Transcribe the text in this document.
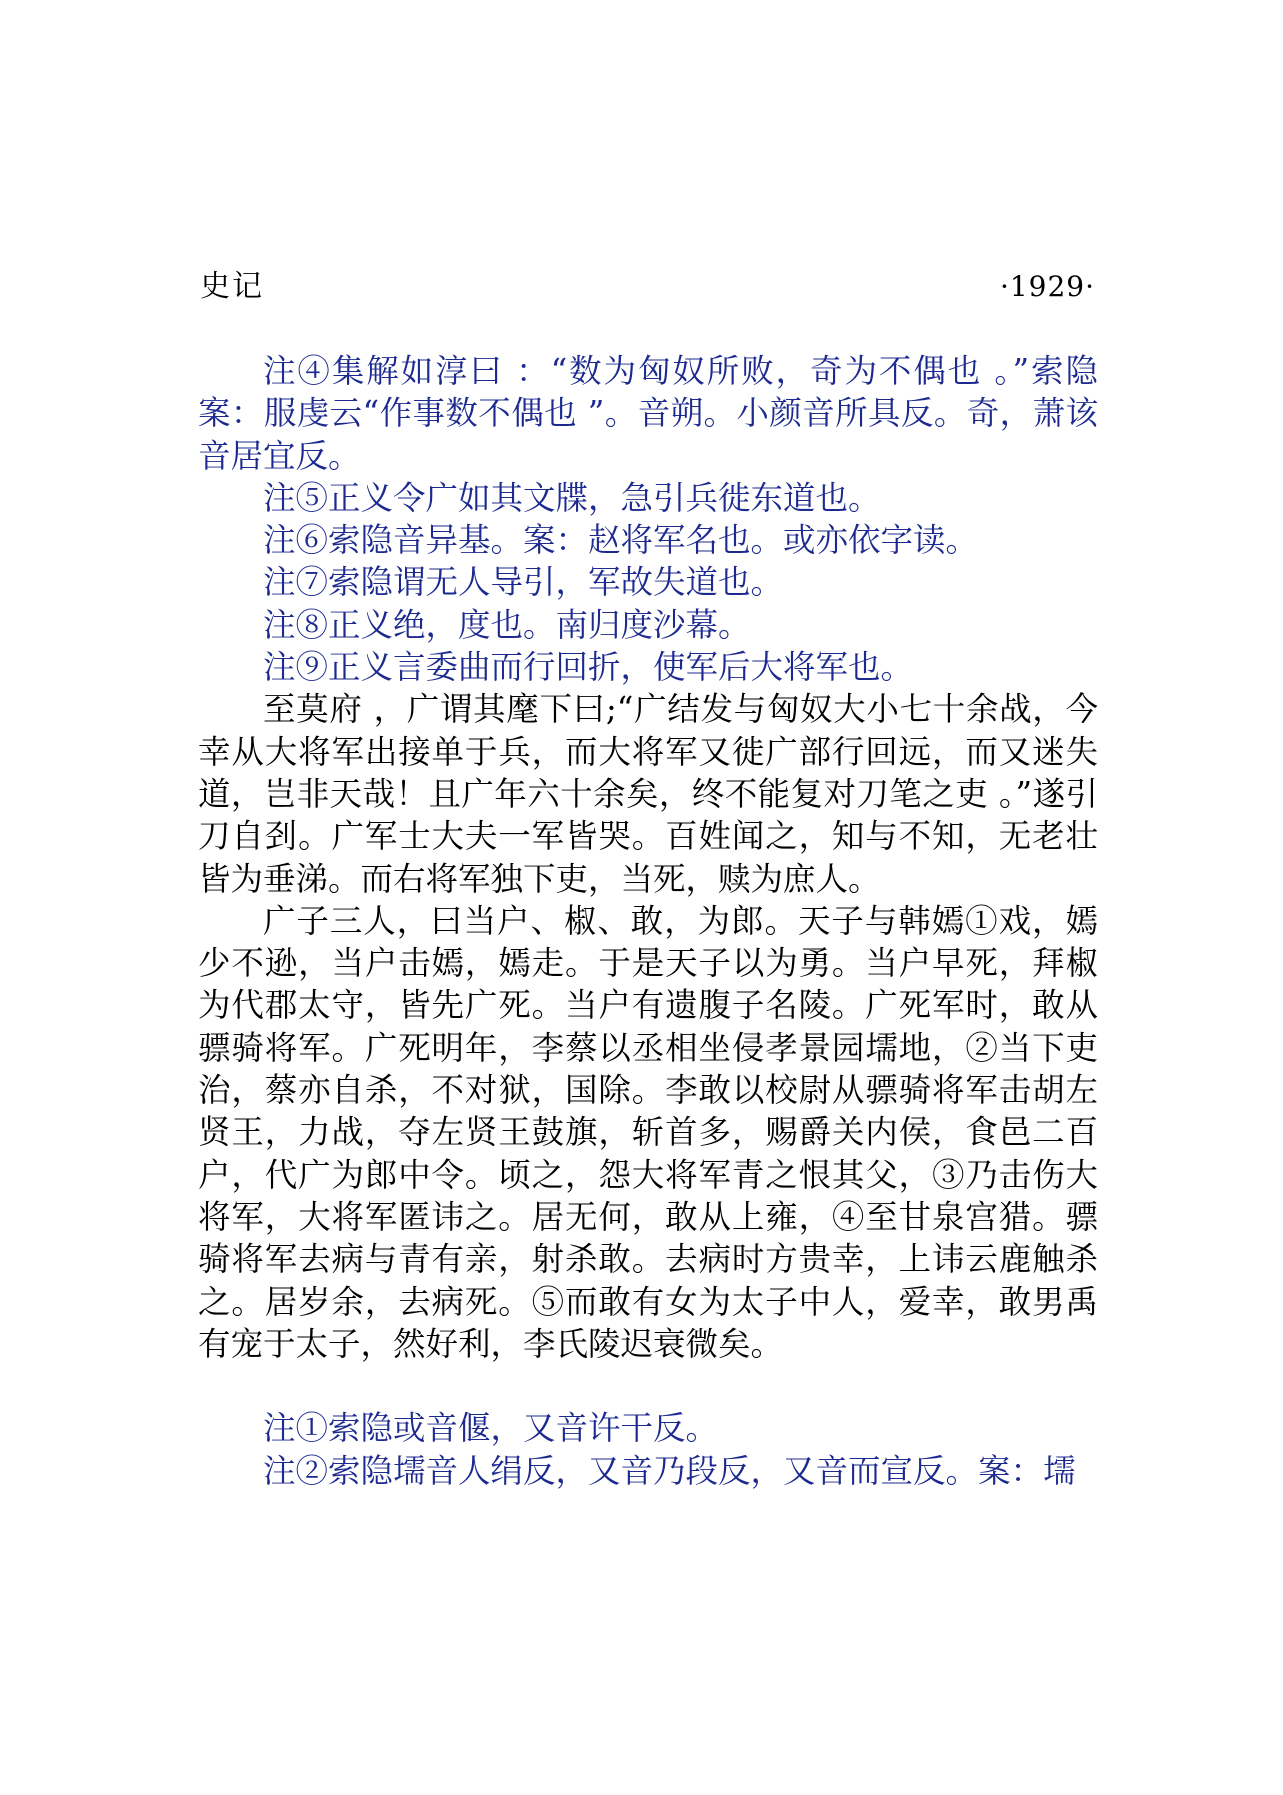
史记	·1929·

注④集解如淳曰 ：“数为匈奴所败，奇为不偶也 。”索隐案：服虔云“作事数不偶也 ”。音朔。小颜音所具反。奇，萧该音居宜反。

注⑤正义令广如其文牒，急引兵徙东道也。

注⑥索隐音异基。案：赵将军名也。或亦依字读。

注⑦索隐谓无人导引，军故失道也。

注⑧正义绝，度也。南归度沙幕。

注⑨正义言委曲而行回折，使军后大将军也。

至莫府 ，广谓其麾下曰;“广结发与匈奴大小七十余战，今幸从大将军出接单于兵，而大将军又徙广部行回远，而又迷失道，岂非天哉！且广年六十余矣，终不能复对刀笔之吏 。”遂引刀自刭。广军士大夫一军皆哭。百姓闻之，知与不知，无老壮皆为垂涕。而右将军独下吏，当死，赎为庶人。

广子三人，曰当户、椒、敢，为郎。天子与韩嫣①戏，嫣少不逊，当户击嫣，嫣走。于是天子以为勇。当户早死，拜椒为代郡太守，皆先广死。当户有遗腹子名陵。广死军时，敢从骠骑将军。广死明年，李蔡以丞相坐侵孝景园壖地，②当下吏治，蔡亦自杀，不对狱，国除。李敢以校尉从骠骑将军击胡左贤王，力战，夺左贤王鼓旗，斩首多，赐爵关内侯，食邑二百户，代广为郎中令。顷之，怨大将军青之恨其父，③乃击伤大将军，大将军匿讳之。居无何，敢从上雍，④至甘泉宫猎。骠骑将军去病与青有亲，射杀敢。去病时方贵幸，上讳云鹿触杀之。居岁余，去病死。⑤而敢有女为太子中人，爱幸，敢男禹有宠于太子，然好利，李氏陵迟衰微矣。

注①索隐或音偃，又音许干反。

注②索隐壖音人绢反，又音乃段反，又音而宣反。案：壖
